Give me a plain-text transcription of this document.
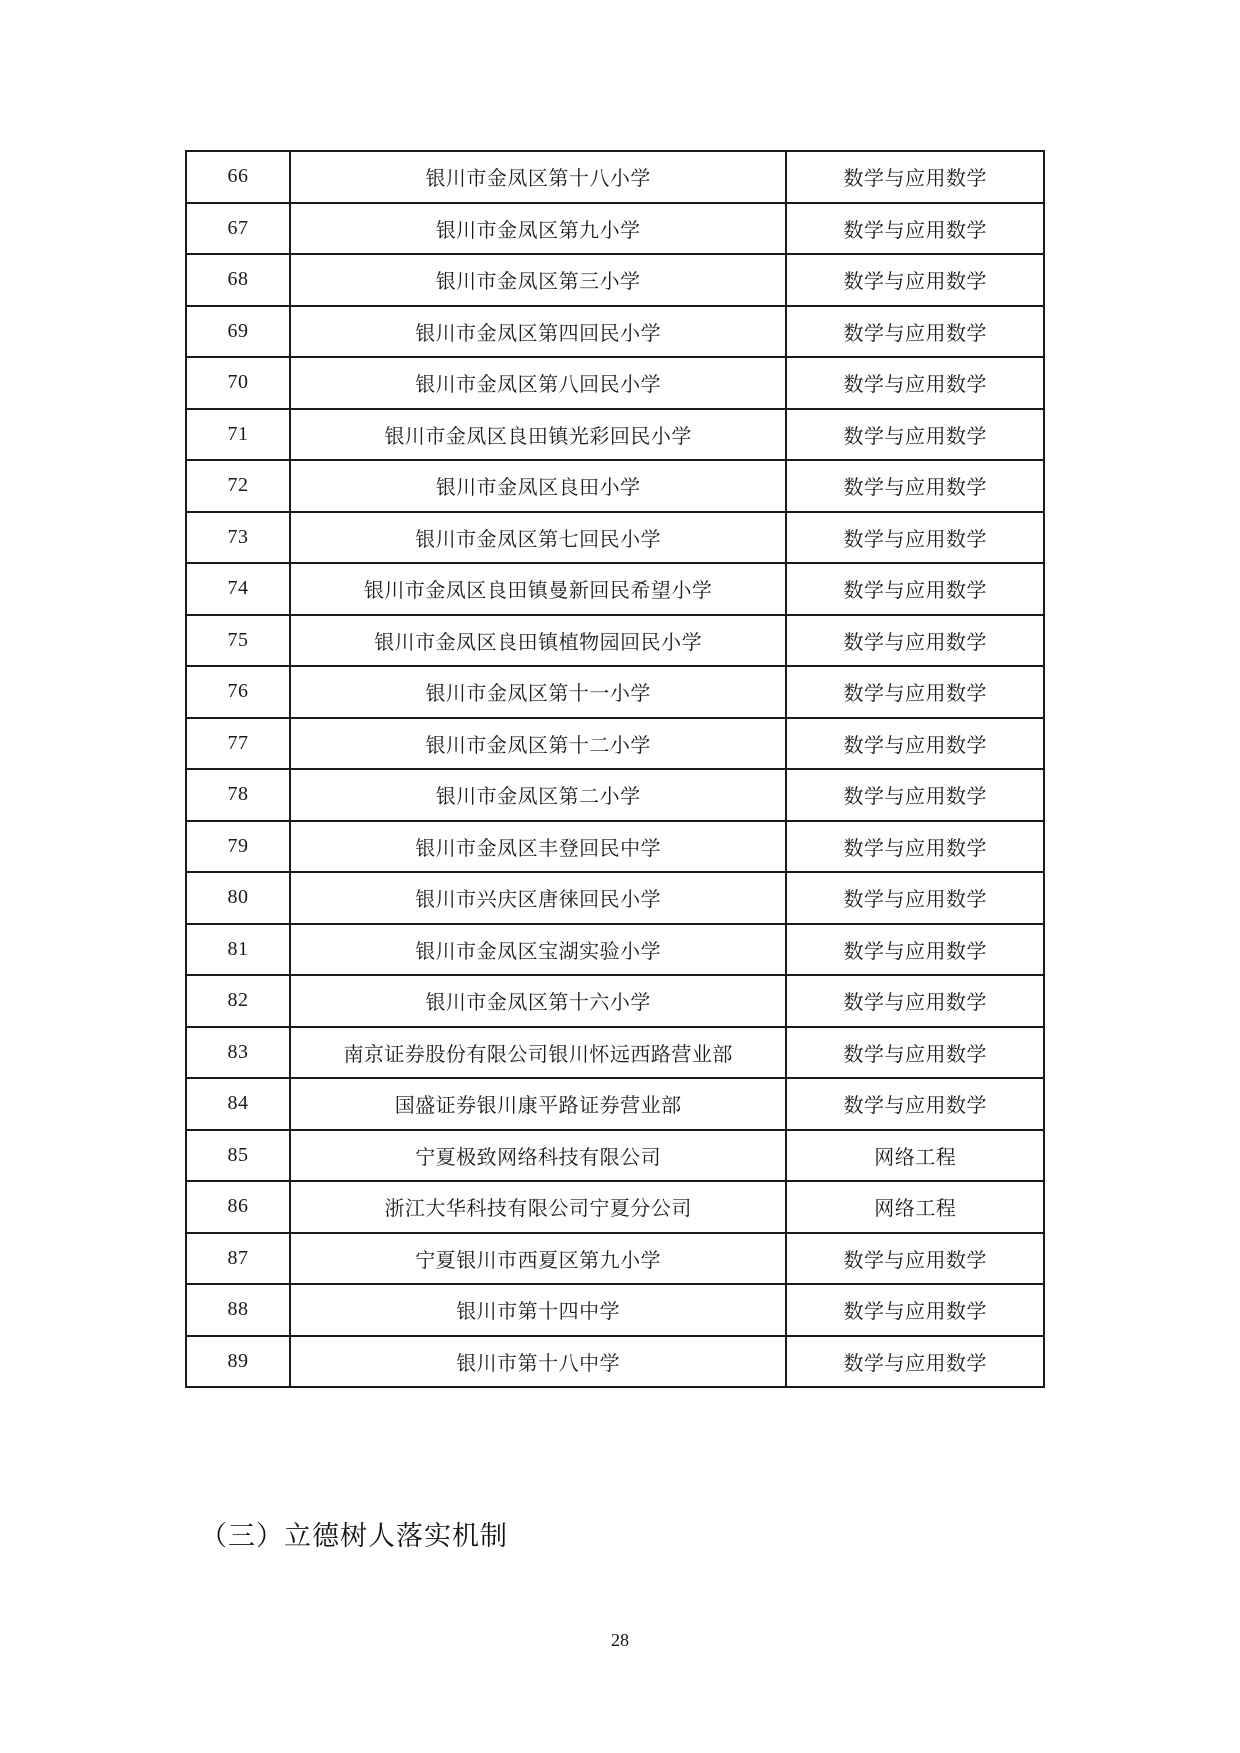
66	银川市金凤区第十八小学	数学与应用数学
67	银川市金凤区第九小学	数学与应用数学
68	银川市金凤区第三小学	数学与应用数学
69	银川市金凤区第四回民小学	数学与应用数学
70	银川市金凤区第八回民小学	数学与应用数学
71	银川市金凤区良田镇光彩回民小学	数学与应用数学
72	银川市金凤区良田小学	数学与应用数学
73	银川市金凤区第七回民小学	数学与应用数学
74	银川市金凤区良田镇曼新回民希望小学	数学与应用数学
75	银川市金凤区良田镇植物园回民小学	数学与应用数学
76	银川市金凤区第十一小学	数学与应用数学
77	银川市金凤区第十二小学	数学与应用数学
78	银川市金凤区第二小学	数学与应用数学
79	银川市金凤区丰登回民中学	数学与应用数学
80	银川市兴庆区唐徕回民小学	数学与应用数学
81	银川市金凤区宝湖实验小学	数学与应用数学
82	银川市金凤区第十六小学	数学与应用数学
83	南京证券股份有限公司银川怀远西路营业部	数学与应用数学
84	国盛证券银川康平路证券营业部	数学与应用数学
85	宁夏极致网络科技有限公司	网络工程
86	浙江大华科技有限公司宁夏分公司	网络工程
87	宁夏银川市西夏区第九小学	数学与应用数学
88	银川市第十四中学	数学与应用数学
89	银川市第十八中学	数学与应用数学
（三）立德树人落实机制
28
